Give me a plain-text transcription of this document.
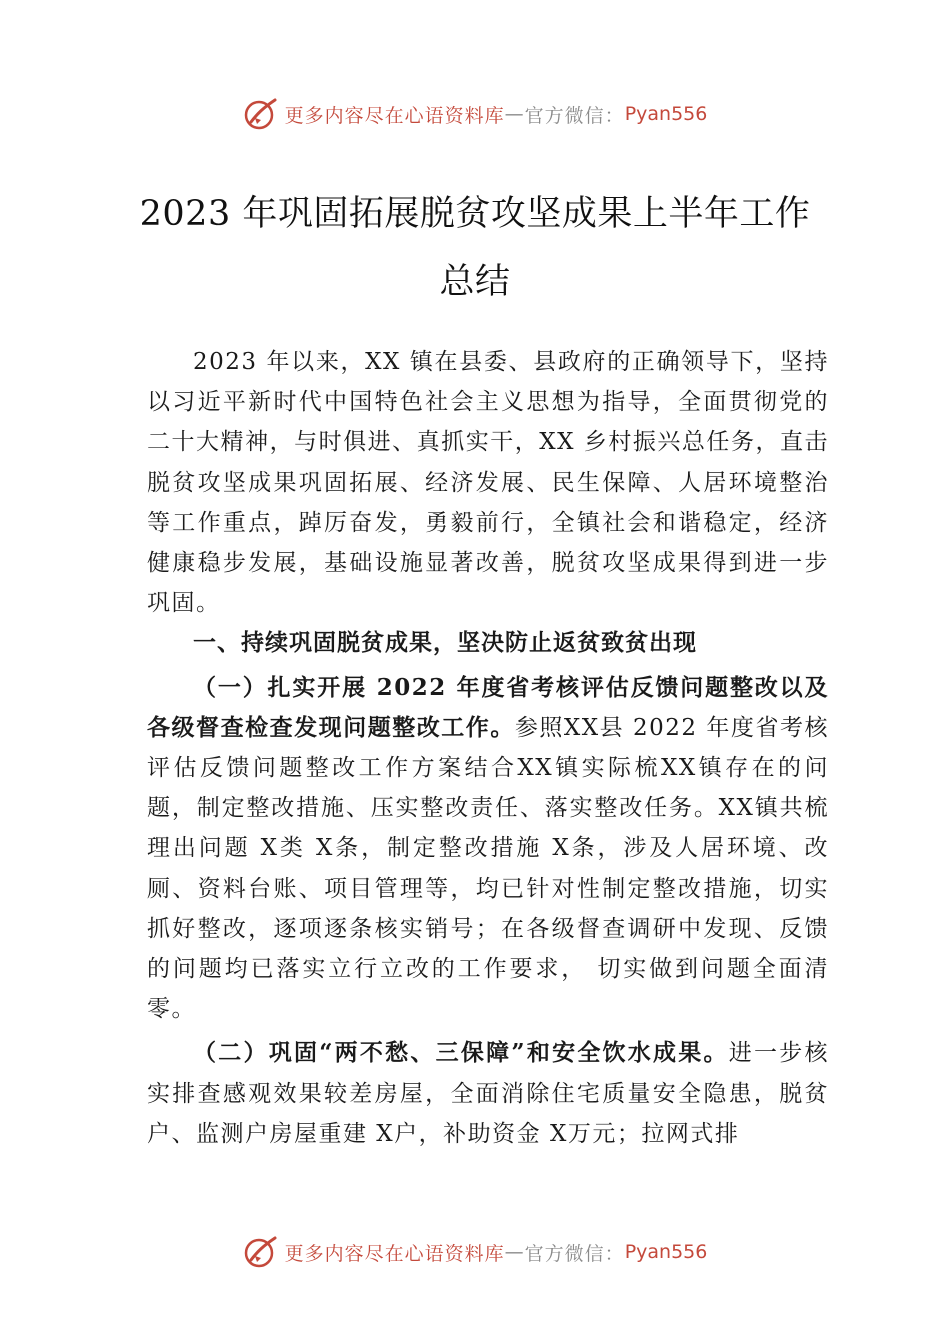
更多内容尽在心语资料库 — 官方微信： Pyan556
2023 年巩固拓展脱贫攻坚成果上半年工作
总结

2023 年以来，XX 镇在县委、县政府的正确领导下，坚持以习近平新时代中国特色社会主义思想为指导，全面贯彻党的二十大精神，与时俱进、真抓实干，XX 乡村振兴总任务，直击脱贫攻坚成果巩固拓展、经济发展、民生保障、人居环境整治等工作重点，踔厉奋发，勇毅前行，全镇社会和谐稳定，经济健康稳步发展，基础设施显著改善，脱贫攻坚成果得到进一步巩固。

一、持续巩固脱贫成果，坚决防止返贫致贫出现

（一）扎实开展 2022 年度省考核评估反馈问题整改以及各级督查检查发现问题整改工作。参照XX县 2022 年度省考核评估反馈问题整改工作方案结合XX镇实际梳XX镇存在的问题，制定整改措施、压实整改责任、落实整改任务。XX镇共梳理出问题 X类 X条，制定整改措施 X条，涉及人居环境、改厕、资料台账、项目管理等，均已针对性制定整改措施，切实抓好整改，逐项逐条核实销号；在各级督查调研中发现、反馈的问题均已落实立行立改的工作要求， 切实做到问题全面清零。

（二）巩固“两不愁、三保障”和安全饮水成果。进一步核实排查感观效果较差房屋，全面消除住宅质量安全隐患，脱贫户、监测户房屋重建 X户，补助资金 X万元；拉网式排

更多内容尽在心语资料库 — 官方微信： Pyan556
